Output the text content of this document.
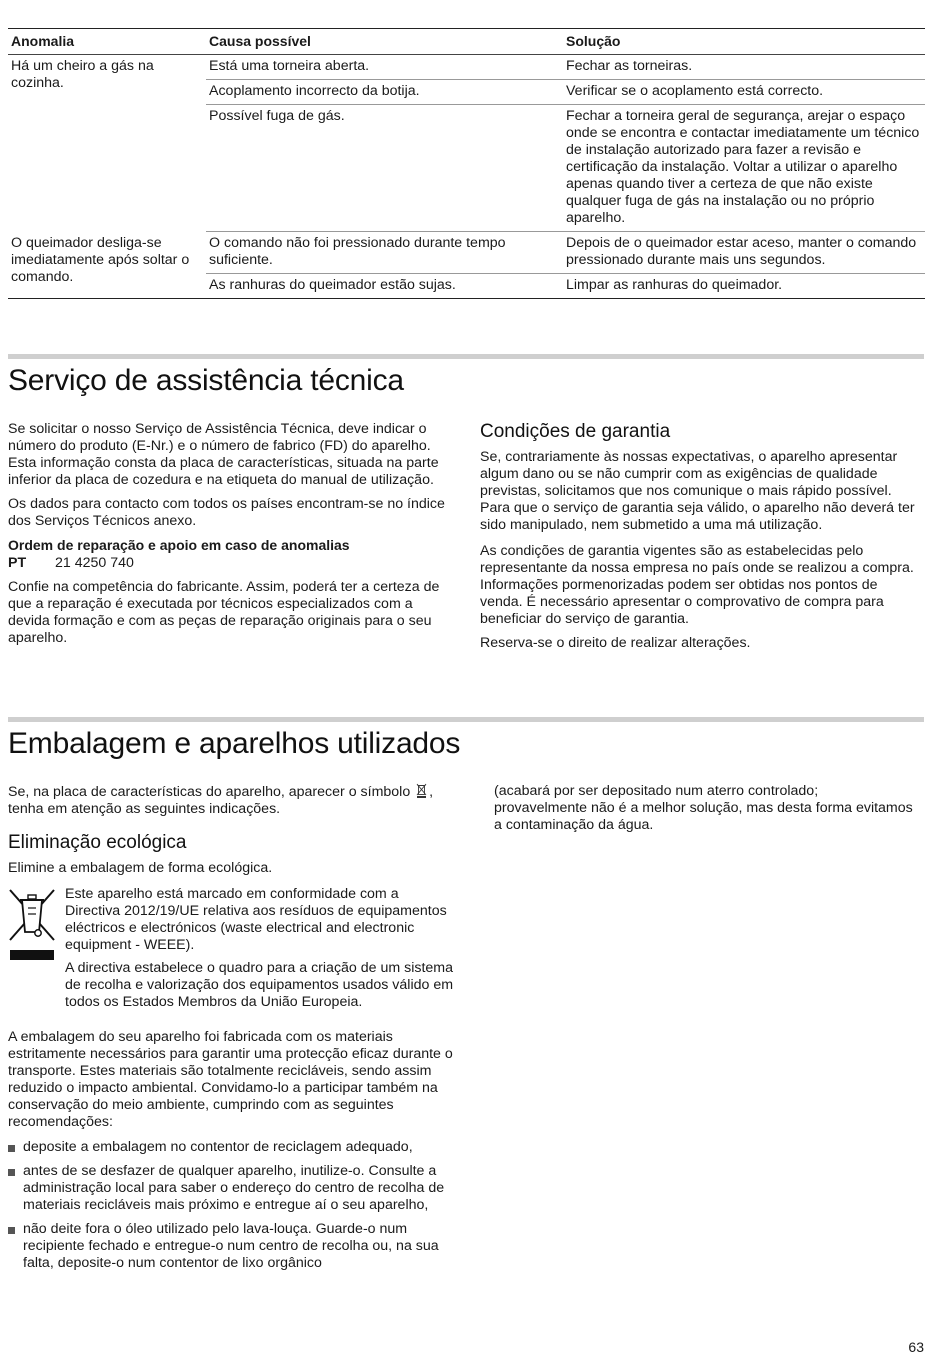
Anomalia	Causa possível	Solução
Há um cheiro a gás na cozinha.	Está uma torneira aberta.	Fechar as torneiras.
	Acoplamento incorrecto da botija.	Verificar se o acoplamento está correcto.
	Possível fuga de gás.	Fechar a torneira geral de segurança, arejar o espaço onde se encontra e contactar imediatamente um técnico de instalação autorizado para fazer a revisão e certificação da instalação. Voltar a utilizar o aparelho apenas quando tiver a certeza de que não existe qualquer fuga de gás na instalação ou no próprio aparelho.
O queimador desliga-se imediatamente após soltar o comando.	O comando não foi pressionado durante tempo suficiente.	Depois de o queimador estar aceso, manter o comando pressionado durante mais uns segundos.
	As ranhuras do queimador estão sujas.	Limpar as ranhuras do queimador.
Serviço de assistência técnica

Se solicitar o nosso Serviço de Assistência Técnica, deve indicar o número do produto (E-Nr.) e o número de fabrico (FD) do aparelho. Esta informação consta da placa de características, situada na parte inferior da placa de cozedura e na etiqueta do manual de utilização.

Os dados para contacto com todos os países encontram-se no índice dos Serviços Técnicos anexo.

Ordem de reparação e apoio em caso de anomalias

PT 21 4250 740

Confie na competência do fabricante. Assim, poderá ter a certeza de que a reparação é executada por técnicos especializados com a devida formação e com as peças de reparação originais para o seu aparelho.

Condições de garantia

Se, contrariamente às nossas expectativas, o aparelho apresentar algum dano ou se não cumprir com as exigências de qualidade previstas, solicitamos que nos comunique o mais rápido possível. Para que o serviço de garantia seja válido, o aparelho não deverá ter sido manipulado, nem submetido a uma má utilização.

As condições de garantia vigentes são as estabelecidas pelo representante da nossa empresa no país onde se realizou a compra. Informações pormenorizadas podem ser obtidas nos pontos de venda. É necessário apresentar o comprovativo de compra para beneficiar do serviço de garantia.

Reserva-se o direito de realizar alterações.

Embalagem e aparelhos utilizados

Se, na placa de características do aparelho, aparecer o símbolo , tenha em atenção as seguintes indicações.

Eliminação ecológica

Elimine a embalagem de forma ecológica.

Este aparelho está marcado em conformidade com a Directiva 2012/19/UE relativa aos resíduos de equipamentos eléctricos e electrónicos (waste electrical and electronic equipment - WEEE).

A directiva estabelece o quadro para a criação de um sistema de recolha e valorização dos equipamentos usados válido em todos os Estados Membros da União Europeia.

A embalagem do seu aparelho foi fabricada com os materiais estritamente necessários para garantir uma protecção eficaz durante o transporte. Estes materiais são totalmente recicláveis, sendo assim reduzido o impacto ambiental. Convidamo-lo a participar também na conservação do meio ambiente, cumprindo com as seguintes recomendações:

deposite a embalagem no contentor de reciclagem adequado,
antes de se desfazer de qualquer aparelho, inutilize-o. Consulte a administração local para saber o endereço do centro de recolha de materiais recicláveis mais próximo e entregue aí o seu aparelho,
não deite fora o óleo utilizado pelo lava-louça. Guarde-o num recipiente fechado e entregue-o num centro de recolha ou, na sua falta, deposite-o num contentor de lixo orgânico

(acabará por ser depositado num aterro controlado; provavelmente não é a melhor solução, mas desta forma evitamos a contaminação da água.

63
